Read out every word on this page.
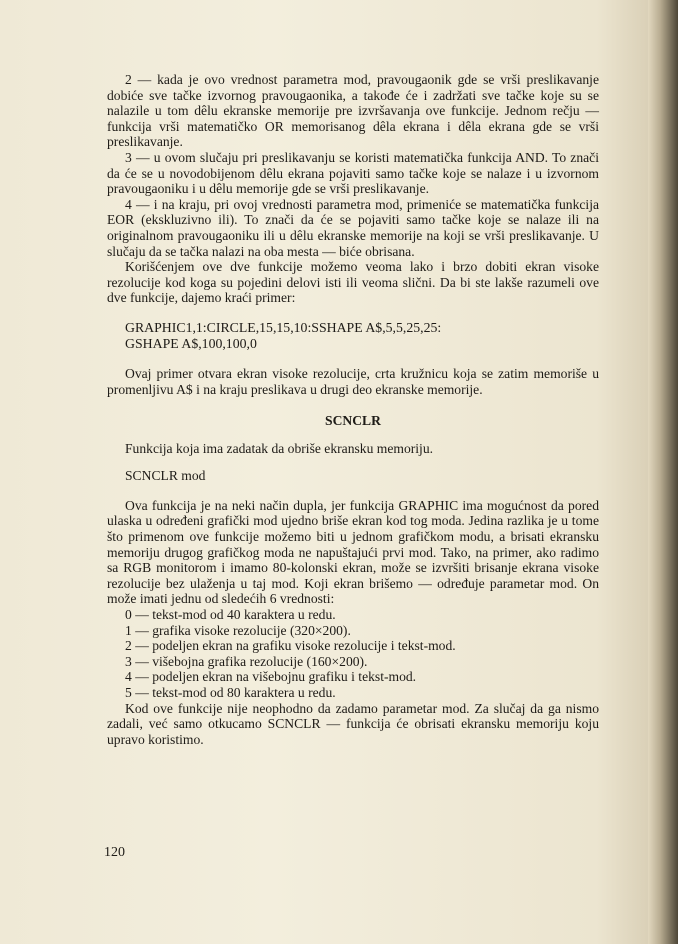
2 — kada je ovo vrednost parametra mod, pravougaonik gde se vrši preslikavanje dobiće sve tačke izvornog pravougaonika, a takođe će i zadržati sve tačke koje su se nalazile u tom dêlu ekranske memorije pre izvršavanja ove funkcije. Jednom rečju — funkcija vrši matematičko OR memorisanog dêla ekrana i dêla ekrana gde se vrši preslikavanje.

3 — u ovom slučaju pri preslikavanju se koristi matematička funkcija AND. To znači da će se u novodobijenom dêlu ekrana pojaviti samo tačke koje se nalaze i u izvornom pravougaoniku i u dêlu memorije gde se vrši preslikavanje.

4 — i na kraju, pri ovoj vrednosti parametra mod, primeniće se matematička funkcija EOR (ekskluzivno ili). To znači da će se pojaviti samo tačke koje se nalaze ili na originalnom pravougaoniku ili u dêlu ekranske memorije na koji se vrši preslikavanje. U slučaju da se tačka nalazi na oba mesta — biće obrisana.

Korišćenjem ove dve funkcije možemo veoma lako i brzo dobiti ekran visoke rezolucije kod koga su pojedini delovi isti ili veoma slični. Da bi ste lakše razumeli ove dve funkcije, dajemo kraći primer:

GRAPHIC1,1:CIRCLE,15,15,10:SSHAPE A$,5,5,25,25:
GSHAPE A$,100,100,0

Ovaj primer otvara ekran visoke rezolucije, crta kružnicu koja se zatim memoriše u promenljivu A$ i na kraju preslikava u drugi deo ekranske memorije.

SCNCLR

Funkcija koja ima zadatak da obriše ekransku memoriju.

SCNCLR mod

Ova funkcija je na neki način dupla, jer funkcija GRAPHIC ima mogućnost da pored ulaska u određeni grafički mod ujedno briše ekran kod tog moda. Jedina razlika je u tome što primenom ove funkcije možemo biti u jednom grafičkom modu, a brisati ekransku memoriju drugog grafičkog moda ne napuštajući prvi mod. Tako, na primer, ako radimo sa RGB monitorom i imamo 80-kolonski ekran, može se izvršiti brisanje ekrana visoke rezolucije bez ulaženja u taj mod. Koji ekran brišemo — određuje parametar mod. On može imati jednu od sledećih 6 vrednosti:

0 — tekst-mod od 40 karaktera u redu.
1 — grafika visoke rezolucije (320×200).
2 — podeljen ekran na grafiku visoke rezolucije i tekst-mod.
3 — višebojna grafika rezolucije (160×200).
4 — podeljen ekran na višebojnu grafiku i tekst-mod.
5 — tekst-mod od 80 karaktera u redu.

Kod ove funkcije nije neophodno da zadamo parametar mod. Za slučaj da ga nismo zadali, već samo otkucamo SCNCLR — funkcija će obrisati ekransku memoriju koju upravo koristimo.

120
